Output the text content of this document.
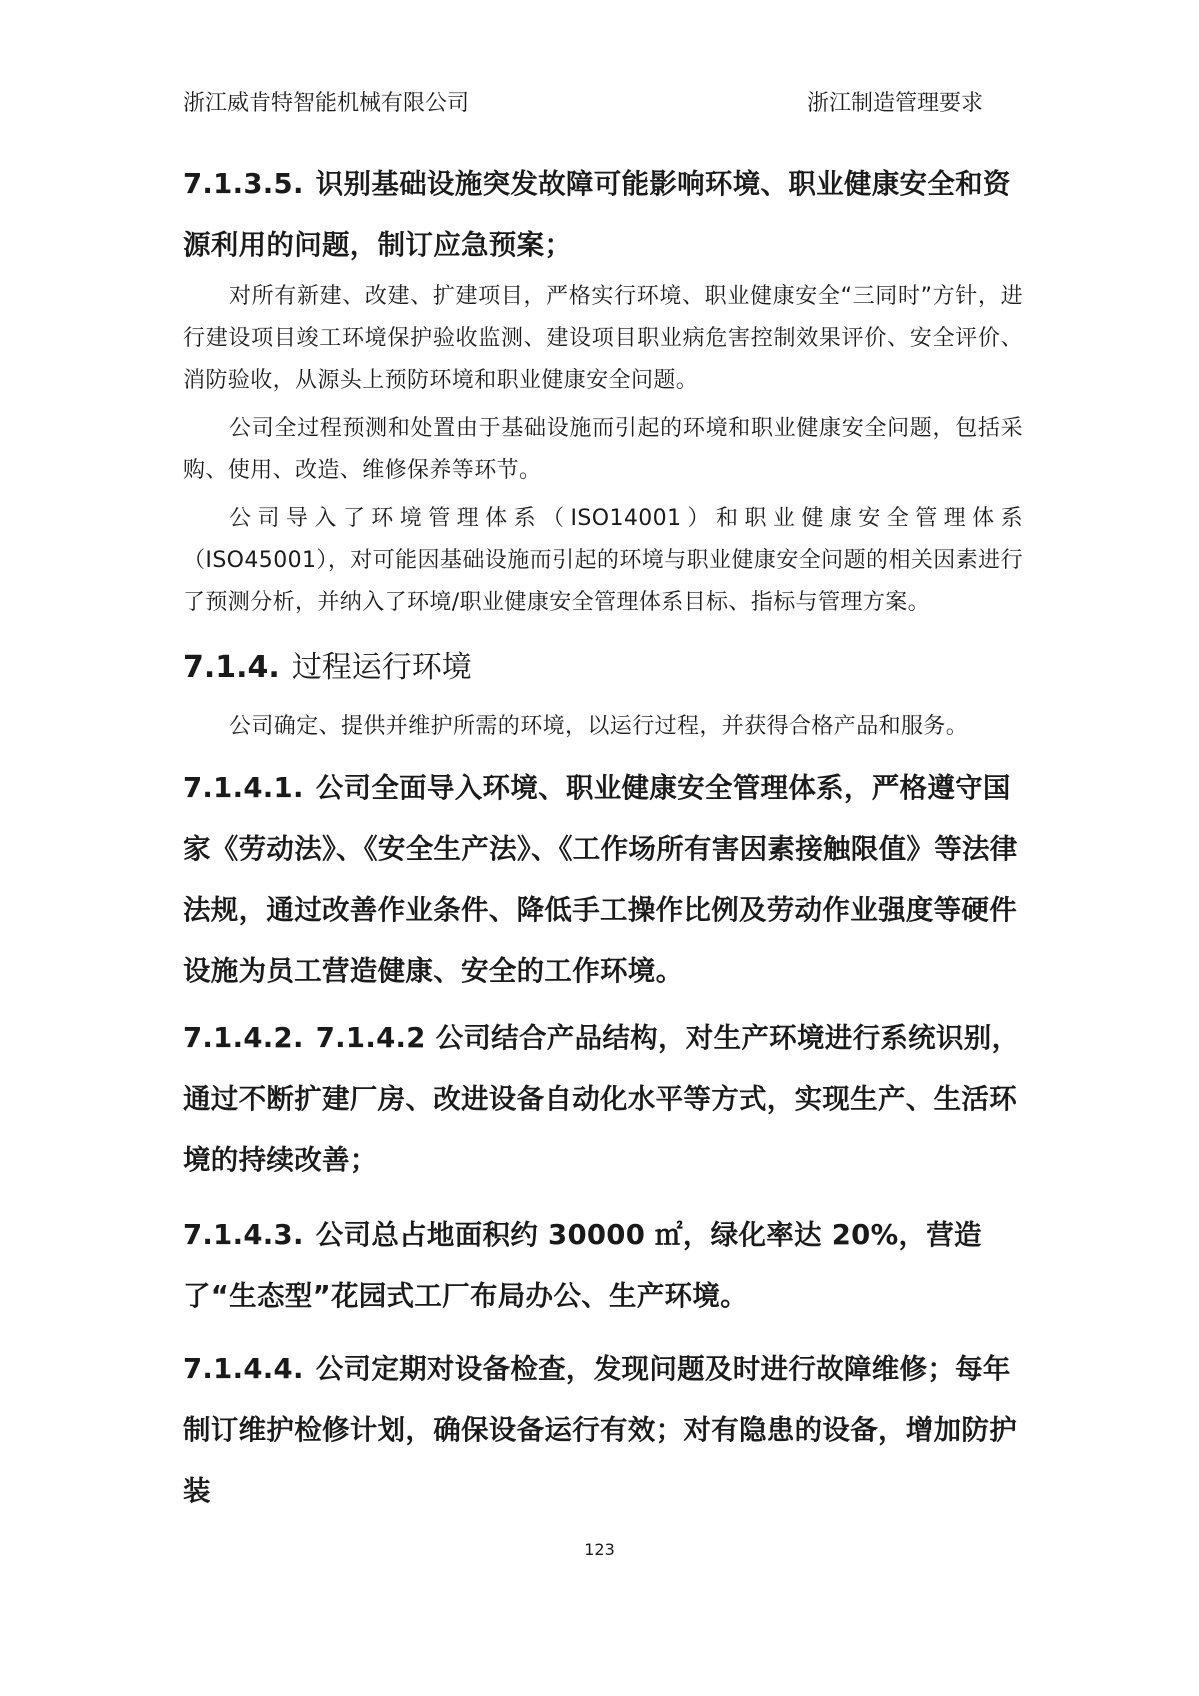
浙江威肯特智能机械有限公司	浙江制造管理要求
7.1.3.5. 识别基础设施突发故障可能影响环境、职业健康安全和资源利用的问题，制订应急预案；

对所有新建、改建、扩建项目，严格实行环境、职业健康安全“三同时”方针，进行建设项目竣工环境保护验收监测、建设项目职业病危害控制效果评价、安全评价、消防验收，从源头上预防环境和职业健康安全问题。

公司全过程预测和处置由于基础设施而引起的环境和职业健康安全问题，包括采购、使用、改造、维修保养等环节。

公司导入了环境管理体系（ISO14001）和职业健康安全管理体系（ISO45001），对可能因基础设施而引起的环境与职业健康安全问题的相关因素进行了预测分析，并纳入了环境/职业健康安全管理体系目标、指标与管理方案。

7.1.4. 过程运行环境

公司确定、提供并维护所需的环境，以运行过程，并获得合格产品和服务。

7.1.4.1. 公司全面导入环境、职业健康安全管理体系，严格遵守国家《劳动法》、《安全生产法》、《工作场所有害因素接触限值》等法律法规，通过改善作业条件、降低手工操作比例及劳动作业强度等硬件设施为员工营造健康、安全的工作环境。
7.1.4.2. 7.1.4.2 公司结合产品结构，对生产环境进行系统识别，通过不断扩建厂房、改进设备自动化水平等方式，实现生产、生活环境的持续改善；
7.1.4.3. 公司总占地面积约 30000 ㎡，绿化率达 20%，营造了“生态型”花园式工厂布局办公、生产环境。
7.1.4.4. 公司定期对设备检查，发现问题及时进行故障维修；每年制订维护检修计划，确保设备运行有效；对有隐患的设备，增加防护装
123
